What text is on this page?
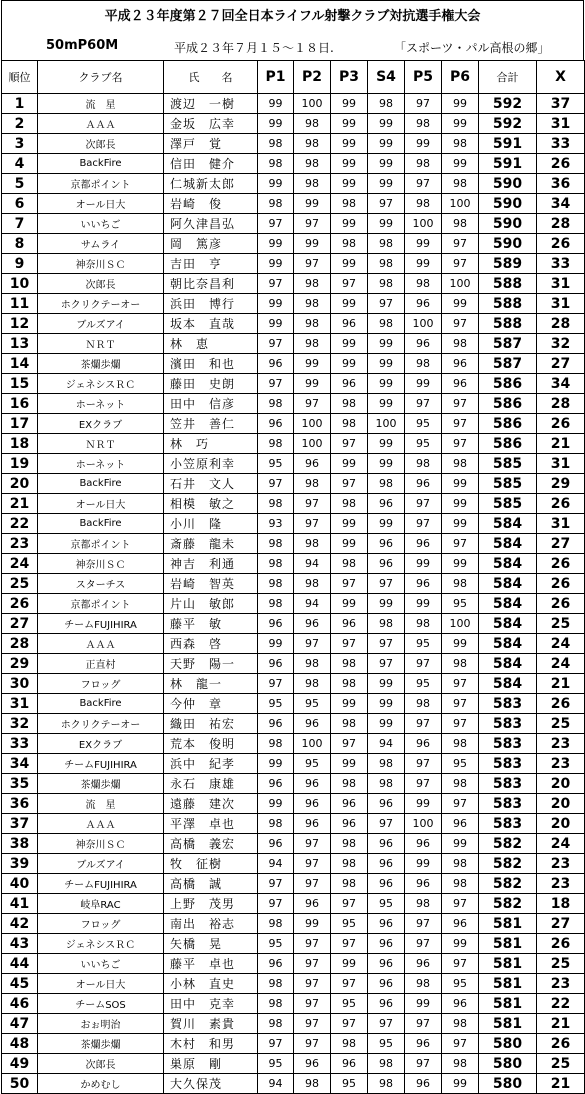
平成２３年度第２７回全日本ライフル射撃クラブ対抗選手権大会
50mP60M	平成２３年７月１５～１８日.	「スポーツ・パル高根の郷」
順位	クラブ名	氏　　名	P1	P2	P3	S4	P5	P6	合計	X
1	流　星	渡辺　一樹	99	100	99	98	97	99	592	37
2	ＡＡＡ	金坂　広幸	99	98	99	99	98	99	592	31
3	次郎長	澤戸　覚	98	98	99	99	99	98	591	33
4	BackFire	信田　健介	98	98	99	99	98	99	591	26
5	京都ポイント	仁城新太郎	99	98	99	99	97	98	590	36
6	オール日大	岩崎　俊	98	99	98	97	98	100	590	34
7	いいちご	阿久津昌弘	97	97	99	99	100	98	590	28
8	サムライ	岡　篤彦	99	99	98	98	99	97	590	26
9	神奈川ＳＣ	吉田　亨	99	97	99	98	99	97	589	33
10	次郎長	朝比奈昌利	97	98	97	98	98	100	588	31
11	ホクリクテーオー	浜田　博行	99	98	99	97	96	99	588	31
12	ブルズアイ	坂本　直哉	99	98	96	98	100	97	588	28
13	ＮＲＴ	林　恵	97	98	99	99	96	98	587	32
14	茶爛歩爛	濱田　和也	96	99	99	99	98	96	587	27
15	ジェネシスＲＣ	藤田　史朗	97	99	96	99	99	96	586	34
16	ホーネット	田中　信彦	98	97	98	99	97	97	586	28
17	EXクラブ	笠井　善仁	96	100	98	100	95	97	586	26
18	ＮＲＴ	林　巧	98	100	97	99	95	97	586	21
19	ホーネット	小笠原利幸	95	96	99	99	98	98	585	31
20	BackFire	石井　文人	97	98	97	98	96	99	585	29
21	オール日大	相模　敏之	98	97	98	96	97	99	585	26
22	BackFire	小川　隆	93	97	99	99	97	99	584	31
23	京都ポイント	斎藤　龍未	98	98	99	96	96	97	584	27
24	神奈川ＳＣ	神吉　利通	98	94	98	96	99	99	584	26
25	スターチス	岩崎　智英	98	98	97	97	96	98	584	26
26	京都ポイント	片山　敏郎	98	94	99	99	99	95	584	26
27	チームFUJIHIRA	藤平　敏	96	96	96	98	98	100	584	25
28	ＡＡＡ	西森　啓	99	97	97	97	95	99	584	24
29	正直村	天野　陽一	96	98	98	97	97	98	584	24
30	フロッグ	林　龍一	97	98	98	99	95	97	584	21
31	BackFire	今仲　章	95	95	99	99	98	97	583	26
32	ホクリクテーオー	織田　祐宏	96	96	98	99	97	97	583	25
33	EXクラブ	荒本　俊明	98	100	97	94	96	98	583	23
34	チームFUJIHIRA	浜中　紀孝	99	95	99	98	97	95	583	23
35	茶爛歩爛	永石　康雄	96	96	98	98	97	98	583	20
36	流　星	遠藤　建次	99	96	96	96	99	97	583	20
37	ＡＡＡ	平澤　卓也	98	96	96	97	100	96	583	20
38	神奈川ＳＣ	高橋　義宏	96	97	98	96	96	99	582	24
39	ブルズアイ	牧　征樹	94	97	98	96	99	98	582	23
40	チームFUJIHIRA	高橋　誠	97	97	98	96	96	98	582	23
41	岐阜RAC	上野　茂男	97	96	97	95	98	97	582	18
42	フロッグ	南出　裕志	98	99	95	96	97	96	581	27
43	ジェネシスＲＣ	矢橋　晃	95	97	97	96	97	99	581	26
44	いいちご	藤平　卓也	96	97	99	96	96	97	581	25
45	オール日大	小林　直史	98	97	97	96	98	95	581	23
46	チームSOS	田中　克幸	98	97	95	96	99	96	581	22
47	おぉ明治	賀川　素貴	98	97	97	97	97	98	581	21
48	茶爛歩爛	木村　和男	97	97	98	95	96	97	580	26
49	次郎長	巣原　剛	95	96	96	98	97	98	580	25
50	かめむし	大久保茂	94	98	95	98	96	99	580	21
